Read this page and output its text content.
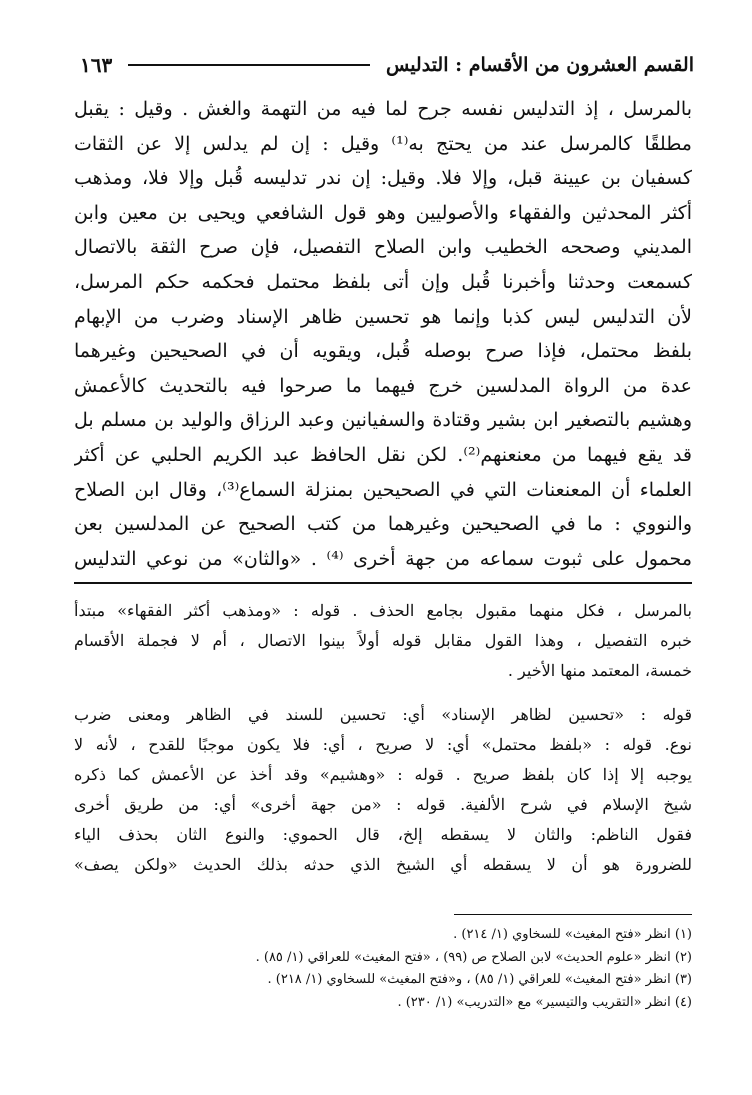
القسم العشرون من الأقسام : التدليس
١٦٣
بالمرسل ، إذ التدليس نفسه جرح لما فيه من التهمة والغش . وقيل : يقبل
مطلقًا كالمرسل عند من يحتج به⁽¹⁾ وقيل : إن لم يدلس إلا عن الثقات
كسفيان بن عيينة قبل، وإلا فلا. وقيل: إن ندر تدليسه قُبل وإلا فلا، ومذهب
أكثر المحدثين والفقهاء والأصوليين وهو قول الشافعي ويحيى بن معين وابن
المديني وصححه الخطيب وابن الصلاح التفصيل، فإن صرح الثقة بالاتصال
كسمعت وحدثنا وأخبرنا قُبل وإن أتى بلفظ محتمل فحكمه حكم المرسل،
لأن التدليس ليس كذبا وإنما هو تحسين ظاهر الإسناد وضرب من الإبهام
بلفظ محتمل، فإذا صرح بوصله قُبل، ويقويه أن في الصحيحين وغيرهما
عدة من الرواة المدلسين خرج فيهما ما صرحوا فيه بالتحديث كالأعمش
وهشيم بالتصغير ابن بشير وقتادة والسفيانين وعبد الرزاق والوليد بن مسلم بل
قد يقع فيهما من معنعنهم⁽²⁾. لكن نقل الحافظ عبد الكريم الحلبي عن أكثر
العلماء أن المعنعنات التي في الصحيحين بمنزلة السماع⁽³⁾، وقال ابن الصلاح
والنووي : ما في الصحيحين وغيرهما من كتب الصحيح عن المدلسين بعن
محمول على ثبوت سماعه من جهة أخرى ⁽⁴⁾ . «والثان» من نوعي التدليس
بالمرسل ، فكل منهما مقبول بجامع الحذف . قوله : «ومذهب أكثر الفقهاء» مبتدأ
خبره التفصيل ، وهذا القول مقابل قوله أولاً بينوا الاتصال ، أم لا فجملة الأقسام
خمسة، المعتمد منها الأخير .
قوله : «تحسين لظاهر الإسناد» أي: تحسين للسند في الظاهر ومعنى ضرب
نوع. قوله : «بلفظ محتمل» أي: لا صريح ، أي: فلا يكون موجبًا للقدح ، لأنه لا
يوجبه إلا إذا كان بلفظ صريح . قوله : «وهشيم» وقد أخذ عن الأعمش كما ذكره
شيخ الإسلام في شرح الألفية. قوله : «من جهة أخرى» أي: من طريق أخرى
فقول الناظم: والثان لا يسقطه إلخ، قال الحموي: والنوع الثان بحذف الياء
للضرورة هو أن لا يسقطه أي الشيخ الذي حدثه بذلك الحديث «ولكن يصف»
(١) انظر «فتح المغيث» للسخاوي (١/ ٢١٤) .
(٢) انظر «علوم الحديث» لابن الصلاح ص (٩٩) ، «فتح المغيث» للعراقي (١/ ٨٥) .
(٣) انظر «فتح المغيث» للعراقي (١/ ٨٥) ، و«فتح المغيث» للسخاوي (١/ ٢١٨) .
(٤) انظر «التقريب والتيسير» مع «التدريب» (١/ ٢٣٠) .
